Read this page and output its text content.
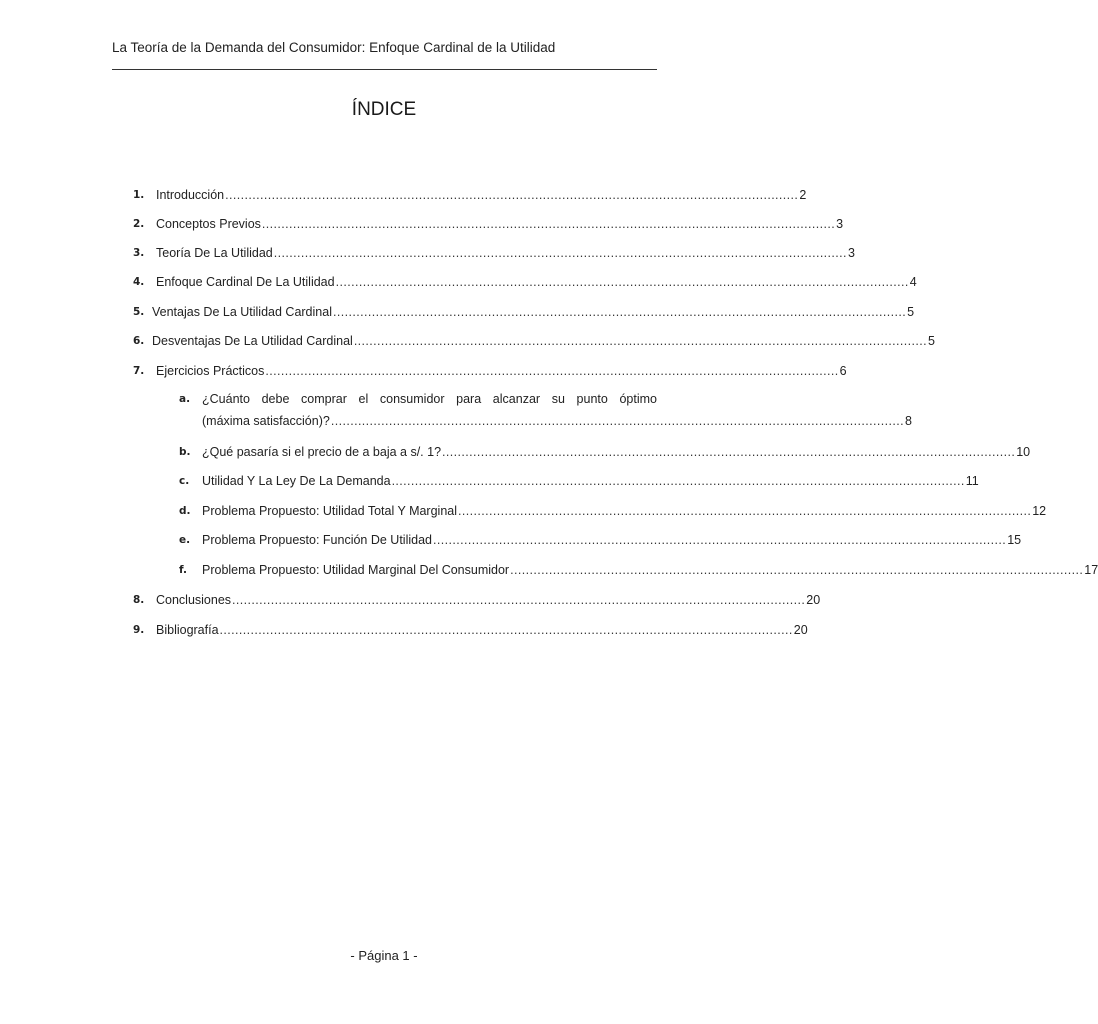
La Teoría de la Demanda del Consumidor: Enfoque Cardinal de la Utilidad
ÍNDICE
1. Introducción .................................................................................................................................................... 2
2. Conceptos Previos .................................................................................................................................................... 3
3. Teoría De La Utilidad .................................................................................................................................................... 3
4. Enfoque Cardinal De La Utilidad .................................................................................................................................................... 4
5. Ventajas De La Utilidad Cardinal .................................................................................................................................................... 5
6. Desventajas De La Utilidad Cardinal .................................................................................................................................................... 5
7. Ejercicios Prácticos .................................................................................................................................................... 6
a. ¿Cuánto debe comprar el consumidor para alcanzar su punto óptimo
(máxima satisfacción)? .................................................................................................................................................... 8
b. ¿Qué pasaría si el precio de a baja a s/. 1? .................................................................................................................................................... 10
c.	Utilidad Y La Ley De La Demanda .................................................................................................................................................... 11
d. Problema Propuesto: Utilidad Total Y Marginal .................................................................................................................................................... 12
e. Problema Propuesto: Función De Utilidad .................................................................................................................................................... 15
f.	Problema Propuesto: Utilidad Marginal Del Consumidor .................................................................................................................................................... 17
8. Conclusiones .................................................................................................................................................... 20
9. Bibliografía .................................................................................................................................................... 20
- Página 1 -
